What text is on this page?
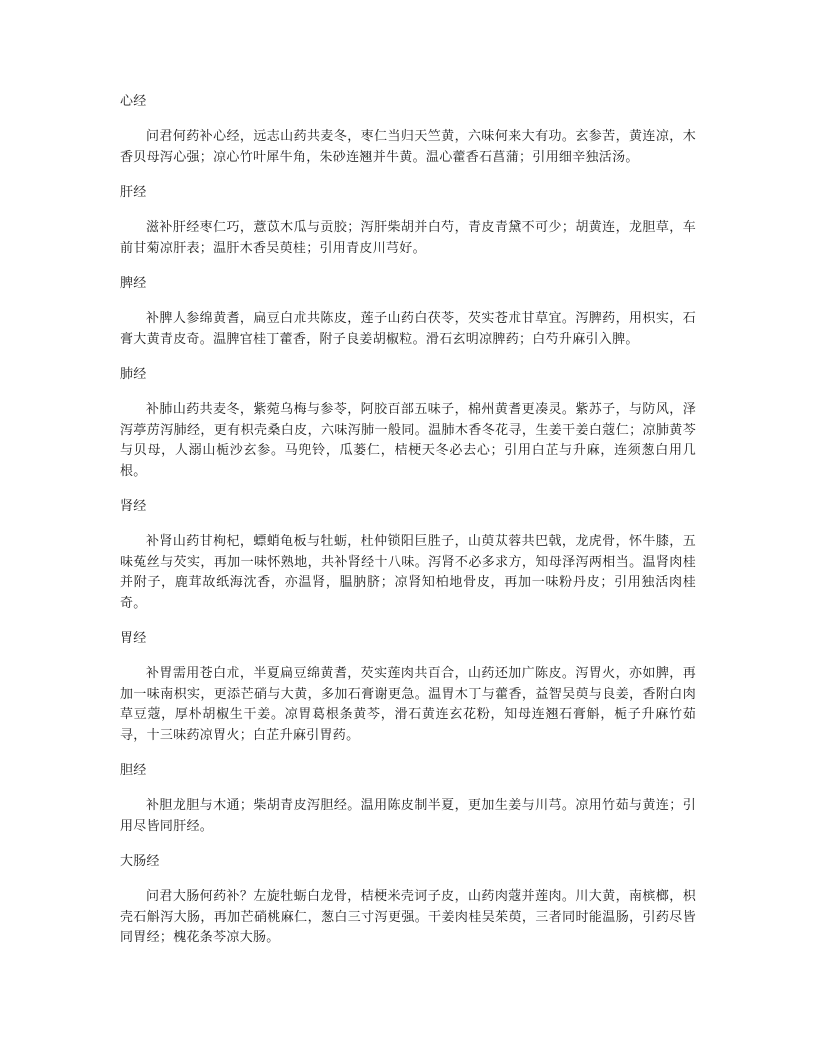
心经

问君何药补心经，远志山药共麦冬，枣仁当归天竺黄，六味何来大有功。玄参苦，黄连凉，木香贝母泻心强；凉心竹叶犀牛角，朱砂连翘并牛黄。温心藿香石菖蒲；引用细辛独活汤。

肝经

滋补肝经枣仁巧，薏苡木瓜与贡胶；泻肝柴胡并白芍，青皮青黛不可少；胡黄连，龙胆草，车前甘菊凉肝表；温肝木香吴萸桂；引用青皮川芎好。

脾经

补脾人参绵黄耆，扁豆白朮共陈皮，莲子山药白茯苓，芡实苍朮甘草宜。泻脾药，用枳实，石膏大黄青皮奇。温脾官桂丁藿香，附子良姜胡椒粒。滑石玄明凉脾药；白芍升麻引入脾。

肺经

补肺山药共麦冬，紫菀乌梅与参苓，阿胶百部五味子，棉州黄耆更凑灵。紫苏子，与防风，泽泻葶苈泻肺经，更有枳壳桑白皮，六味泻肺一般同。温肺木香冬花寻，生姜干姜白蔻仁；凉肺黄芩与贝母，人溺山栀沙玄参。马兜铃，瓜蒌仁，桔梗天冬必去心；引用白芷与升麻，连须葱白用几根。

肾经

补肾山药甘枸杞，螵蛸龟板与牡蛎，杜仲锁阳巨胜子，山萸苁蓉共巴戟，龙虎骨，怀牛膝，五味菟丝与芡实，再加一味怀熟地，共补肾经十八味。泻肾不必多求方，知母泽泻两相当。温肾肉桂并附子，鹿茸故纸海沈香，亦温肾，腽肭脐；凉肾知柏地骨皮，再加一味粉丹皮；引用独活肉桂奇。

胃经

补胃需用苍白朮，半夏扁豆绵黄耆，芡实莲肉共百合，山药还加广陈皮。泻胃火，亦如脾，再加一味南枳实，更添芒硝与大黄，多加石膏谢更急。温胃木丁与藿香，益智吴萸与良姜，香附白肉草豆蔻，厚朴胡椒生干姜。凉胃葛根条黄芩，滑石黄连玄花粉，知母连翘石膏斛，栀子升麻竹茹寻，十三味药凉胃火；白芷升麻引胃药。

胆经

补胆龙胆与木通；柴胡青皮泻胆经。温用陈皮制半夏，更加生姜与川芎。凉用竹茹与黄连；引用尽皆同肝经。

大肠经

问君大肠何药补？左旋牡蛎白龙骨，桔梗米壳诃子皮，山药肉蔻并莲肉。川大黄，南槟榔，枳壳石斛泻大肠，再加芒硝桃麻仁，葱白三寸泻更强。干姜肉桂吴茱萸，三者同时能温肠，引药尽皆同胃经；槐花条芩凉大肠。
